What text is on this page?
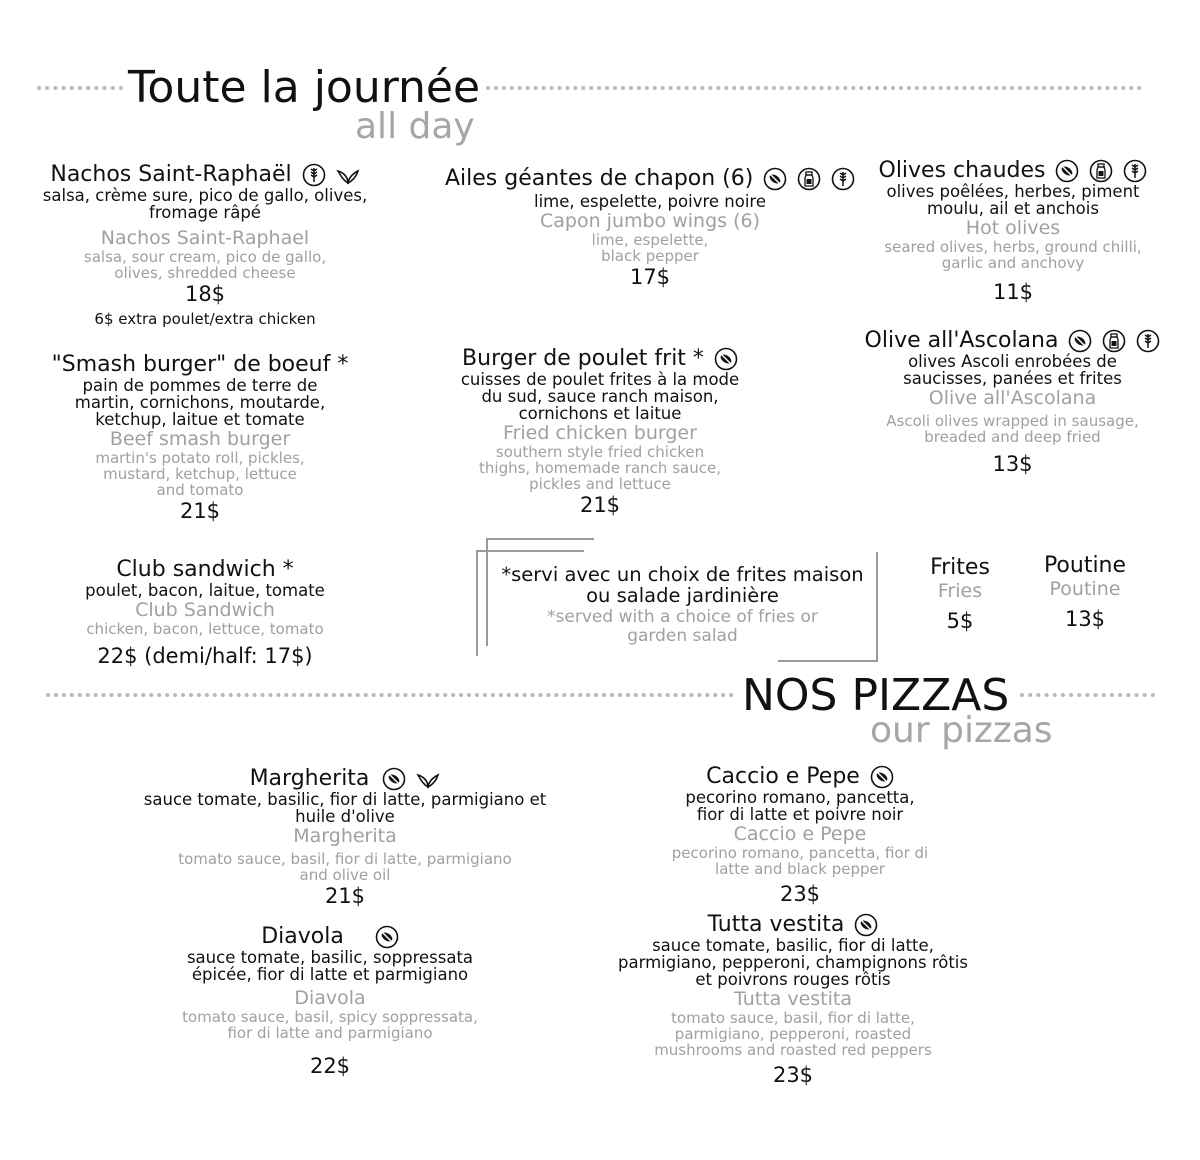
Toute la journée
all day
Nachos Saint-Raphaël

salsa, crème sure, pico de gallo, olives, fromage râpé
Nachos Saint-Raphael
salsa, sour cream, pico de gallo, olives, shredded cheese
18$
6$ extra poulet/extra chicken
Ailes géantes de chapon (6)

lime, espelette, poivre noire
Capon jumbo wings (6)
lime, espelette, black pepper
17$
Olives chaudes

olives poêlées, herbes, piment moulu, ail et anchois
Hot olives
seared olives, herbs, ground chilli, garlic and anchovy
11$
"Smash burger" de boeuf *
pain de pommes de terre de martin, cornichons, moutarde, ketchup, laitue et tomate
Beef smash burger
martin's potato roll, pickles, mustard, ketchup, lettuce and tomato
21$
Burger de poulet frit *
cuisses de poulet frites à la mode du sud, sauce ranch maison, cornichons et laitue
Fried chicken burger
southern style fried chicken thighs, homemade ranch sauce, pickles and lettuce
21$
Olive all'Ascolana

olives Ascoli enrobées de saucisses, panées et frites
Olive all'Ascolana
Ascoli olives wrapped in sausage, breaded and deep fried
13$
Club sandwich *
poulet, bacon, laitue, tomate
Club Sandwich
chicken, bacon, lettuce, tomato
22$ (demi/half: 17$)
*servi avec un choix de frites maison ou salade jardinière
*served with a choice of fries or garden salad
Frites
Fries
5$
Poutine
Poutine
13$
NOS PIZZAS
our pizzas
Margherita

sauce tomate, basilic, fior di latte, parmigiano et huile d'olive
Margherita
tomato sauce, basil, fior di latte, parmigiano and olive oil
21$
Diavola
sauce tomate, basilic, soppressata épicée, fior di latte et parmigiano
Diavola
tomato sauce, basil, spicy soppressata, fior di latte and parmigiano
22$
Caccio e Pepe
pecorino romano, pancetta, fior di latte et poivre noir
Caccio e Pepe
pecorino romano, pancetta, fior di latte and black pepper
23$
Tutta vestita
sauce tomate, basilic, fior di latte, parmigiano, pepperoni, champignons rôtis et poivrons rouges rôtis
Tutta vestita
tomato sauce, basil, fior di latte, parmigiano, pepperoni, roasted mushrooms and roasted red peppers
23$
